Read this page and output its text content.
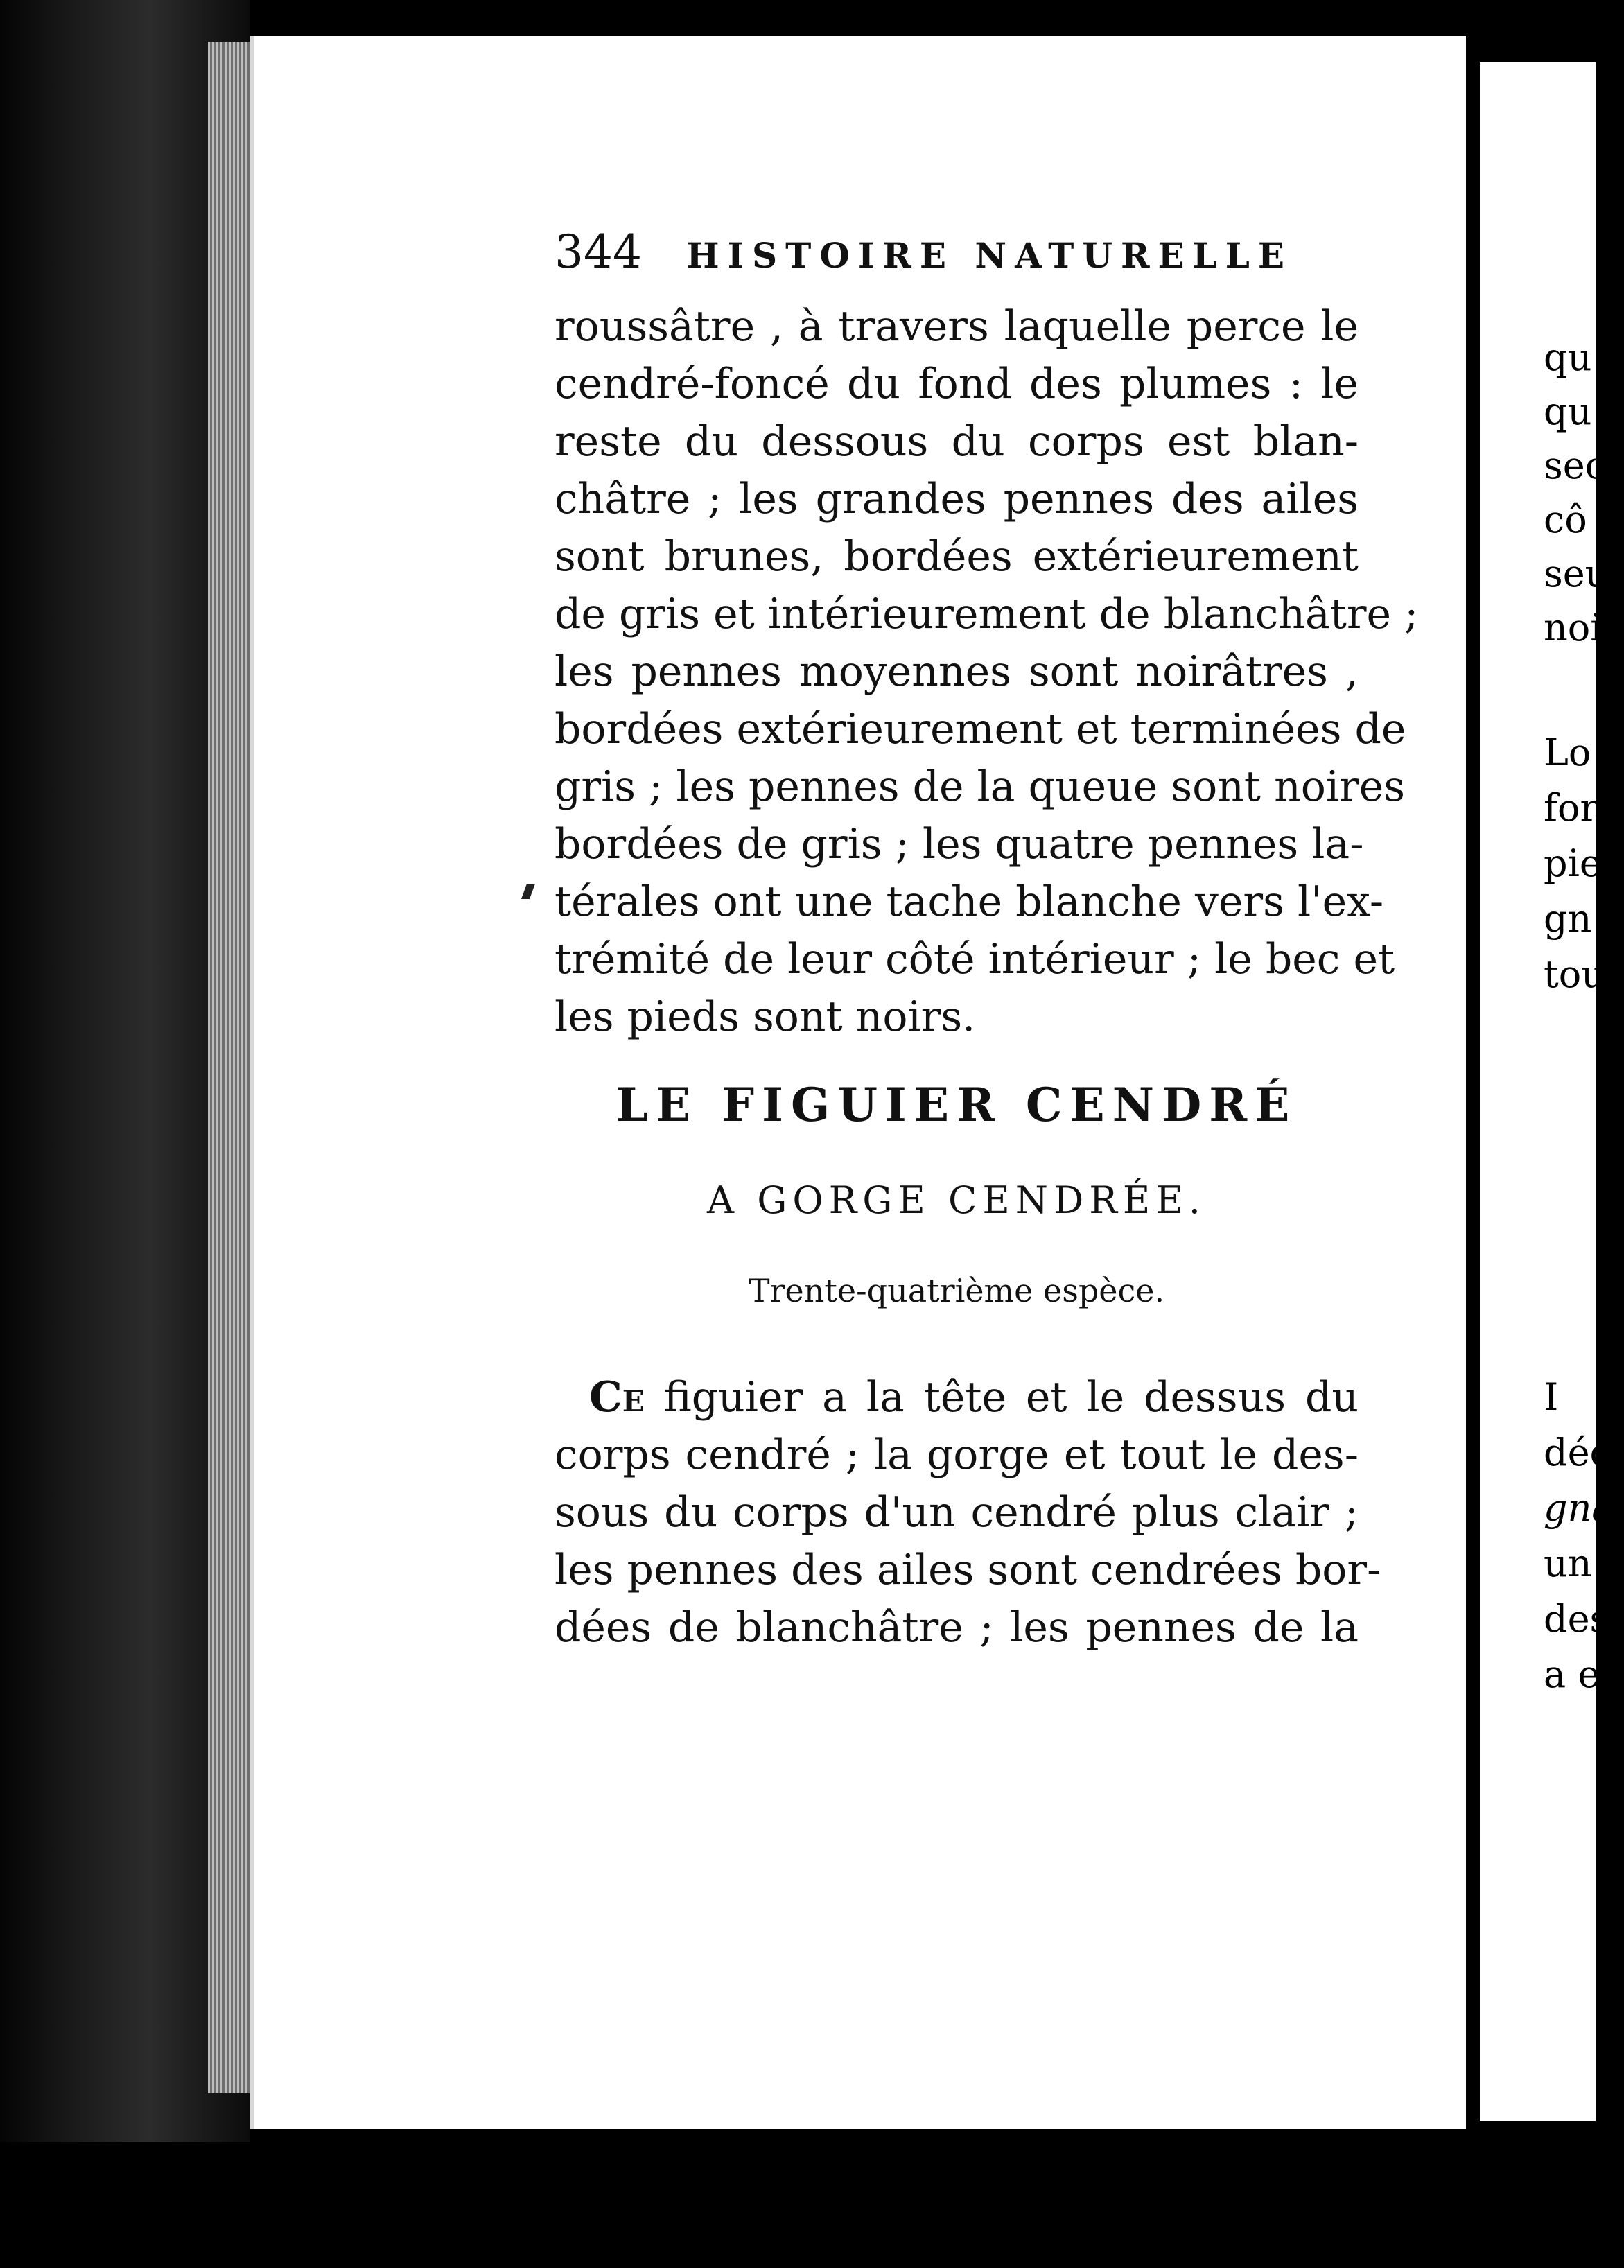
344 HISTOIRE NATURELLE
roussâtre , à travers laquelle perce le
cendré-foncé du fond des plumes : le
reste du dessous du corps est blan-
châtre ; les grandes pennes des ailes
sont brunes, bordées extérieurement
de gris et intérieurement de blanchâtre ;
les pennes moyennes sont noirâtres ,
bordées extérieurement et terminées de
gris ; les pennes de la queue sont noires
bordées de gris ; les quatre pennes la-
térales ont une tache blanche vers l'ex-
trémité de leur côté intérieur ; le bec et
les pieds sont noirs.
LE FIGUIER CENDRÉ
A GORGE CENDRÉE.
Trente-quatrième espèce.
Ce figuier a la tête et le dessus du
corps cendré ; la gorge et tout le des-
sous du corps d'un cendré plus clair ;
les pennes des ailes sont cendrées bor-
dées de blanchâtre ; les pennes de la
qu
qu
sec
cô
seu
noi
Lo
for
pie
gn
tou
I
déc
gna
un
des
a eu
